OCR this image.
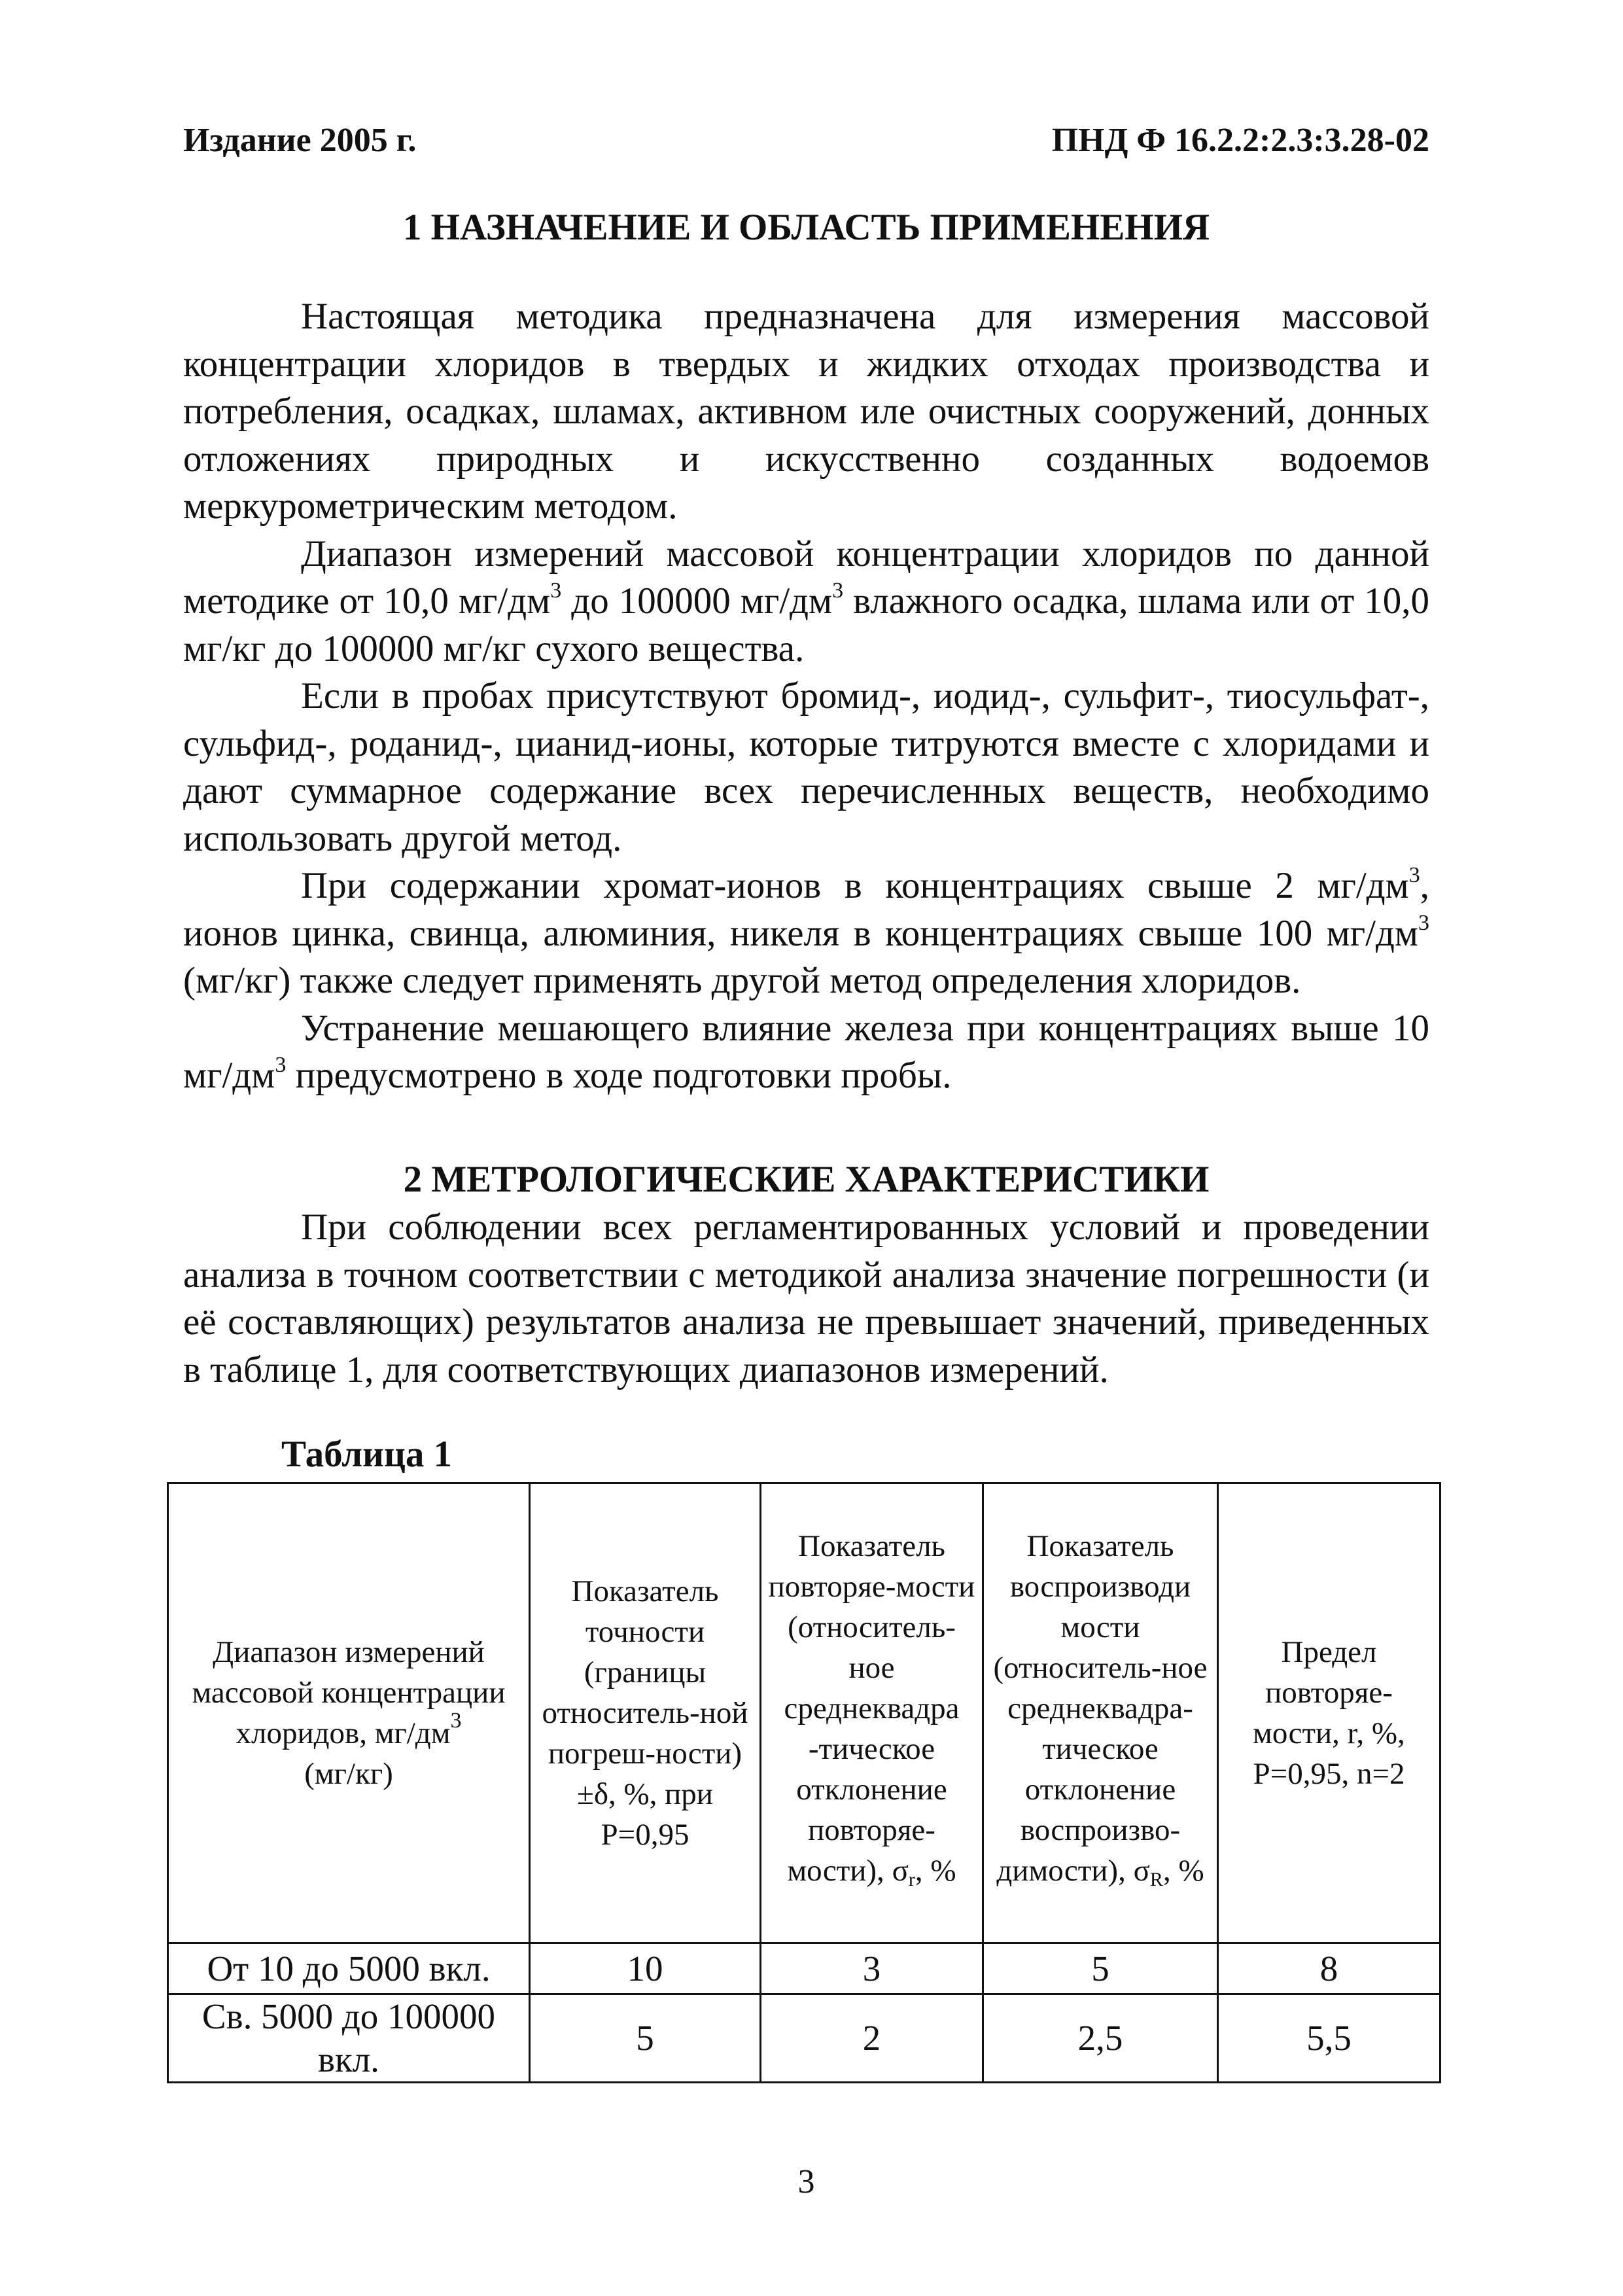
Издание 2005 г.	ПНД Ф 16.2.2:2.3:3.28-02
1 НАЗНАЧЕНИЕ И ОБЛАСТЬ ПРИМЕНЕНИЯ

Настоящая методика предназначена для измерения массовой концентрации хлоридов в твердых и жидких отходах производства и потребления, осадках, шламах, активном иле очистных сооружений, донных отложениях природных и искусственно созданных водоемов меркурометрическим методом.

Диапазон измерений массовой концентрации хлоридов по данной методике от 10,0 $мг/дм^3$ до 100000 $мг/дм^3$ влажного осадка, шлама или от 10,0 мг/кг до 100000 мг/кг сухого вещества.

Если в пробах присутствуют бромид-, иодид-, сульфит-, тиосульфат-, сульфид-, роданид-, цианид-ионы, которые титруются вместе с хлоридами и дают суммарное содержание всех перечисленных веществ, необходимо использовать другой метод.

При содержании хромат-ионов в концентрациях свыше 2 $мг/дм^3$, ионов цинка, свинца, алюминия, никеля в концентрациях свыше 100 $мг/дм^3$ (мг/кг) также следует применять другой метод определения хлоридов.

Устранение мешающего влияние железа при концентрациях выше 10 $мг/дм^3$ предусмотрено в ходе подготовки пробы.

2 МЕТРОЛОГИЧЕСКИЕ ХАРАКТЕРИСТИКИ

При соблюдении всех регламентированных условий и проведении анализа в точном соответствии с методикой анализа значение погрешности (и её составляющих) результатов анализа не превышает значений, приведенных в таблице 1, для соответствующих диапазонов измерений.

Таблица 1
Диапазон измерений массовой концентрации хлоридов, $мг/дм^3$
(мг/кг)	Показатель точности (границы относитель-ной погреш-ности) ±δ, %, при P=0,95	Показатель повторяе-мости (относитель-ное среднеквадра -тическое отклонение повторяе-мости), $\sigma_r$, %	Показатель воспроизводи мости (относитель-ное среднеквадра-тическое отклонение воспроизво-димости), $\sigma_R$, %	Предел повторяе-мости, r, %, P=0,95, n=2
От 10 до 5000 вкл.	10	3	5	8
Св. 5000 до 100000 вкл.	5	2	2,5	5,5
3
